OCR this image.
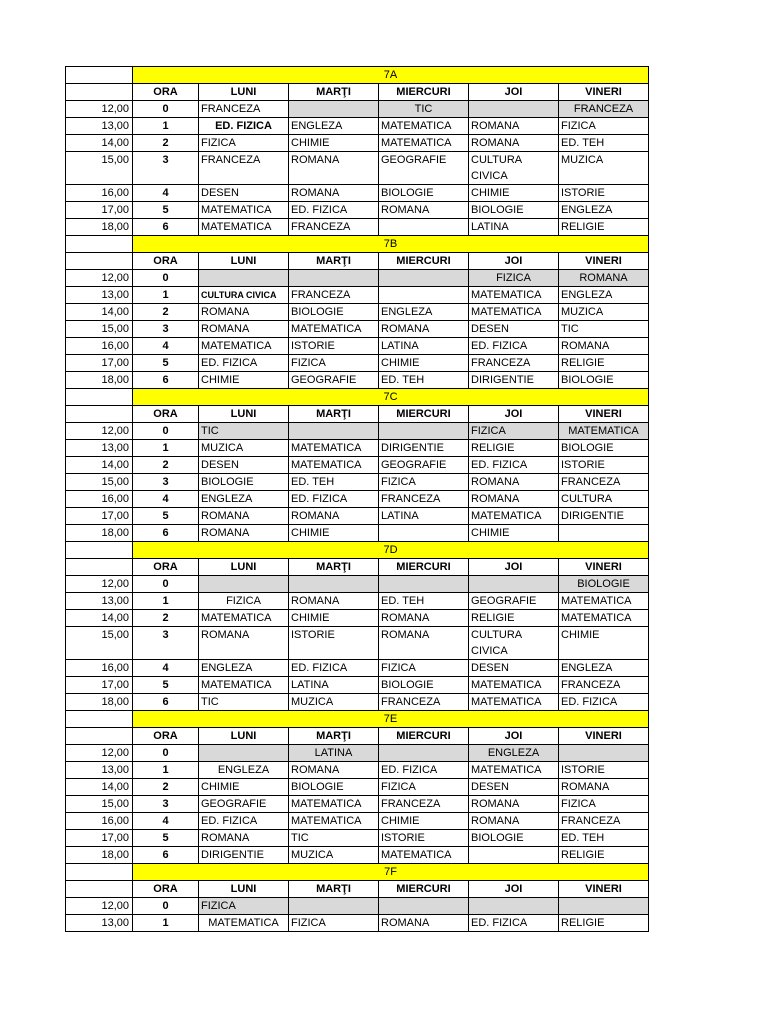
	7A					
	ORA	LUNI	MARŢI	MIERCURI	JOI	VINERI
12,00	0	FRANCEZA		TIC		FRANCEZA
13,00	1	ED. FIZICA	ENGLEZA	MATEMATICA	ROMANA	FIZICA
14,00	2	FIZICA	CHIMIE	MATEMATICA	ROMANA	ED. TEH
15,00	3	FRANCEZA	ROMANA	GEOGRAFIE	CULTURA CIVICA	MUZICA
16,00	4	DESEN	ROMANA	BIOLOGIE	CHIMIE	ISTORIE
17,00	5	MATEMATICA	ED. FIZICA	ROMANA	BIOLOGIE	ENGLEZA
18,00	6	MATEMATICA	FRANCEZA		LATINA	RELIGIE
	7B					
	ORA	LUNI	MARŢI	MIERCURI	JOI	VINERI
12,00	0				FIZICA	ROMANA
13,00	1	CULTURA CIVICA	FRANCEZA		MATEMATICA	ENGLEZA
14,00	2	ROMANA	BIOLOGIE	ENGLEZA	MATEMATICA	MUZICA
15,00	3	ROMANA	MATEMATICA	ROMANA	DESEN	TIC
16,00	4	MATEMATICA	ISTORIE	LATINA	ED. FIZICA	ROMANA
17,00	5	ED. FIZICA	FIZICA	CHIMIE	FRANCEZA	RELIGIE
18,00	6	CHIMIE	GEOGRAFIE	ED. TEH	DIRIGENTIE	BIOLOGIE
	7C					
	ORA	LUNI	MARŢI	MIERCURI	JOI	VINERI
12,00	0	TIC			FIZICA	MATEMATICA
13,00	1	MUZICA	MATEMATICA	DIRIGENTIE	RELIGIE	BIOLOGIE
14,00	2	DESEN	MATEMATICA	GEOGRAFIE	ED. FIZICA	ISTORIE
15,00	3	BIOLOGIE	ED. TEH	FIZICA	ROMANA	FRANCEZA
16,00	4	ENGLEZA	ED. FIZICA	FRANCEZA	ROMANA	CULTURA
17,00	5	ROMANA	ROMANA	LATINA	MATEMATICA	DIRIGENTIE
18,00	6	ROMANA	CHIMIE		CHIMIE	
	7D					
	ORA	LUNI	MARŢI	MIERCURI	JOI	VINERI
12,00	0					BIOLOGIE
13,00	1	FIZICA	ROMANA	ED. TEH	GEOGRAFIE	MATEMATICA
14,00	2	MATEMATICA	CHIMIE	ROMANA	RELIGIE	MATEMATICA
15,00	3	ROMANA	ISTORIE	ROMANA	CULTURA CIVICA	CHIMIE
16,00	4	ENGLEZA	ED. FIZICA	FIZICA	DESEN	ENGLEZA
17,00	5	MATEMATICA	LATINA	BIOLOGIE	MATEMATICA	FRANCEZA
18,00	6	TIC	MUZICA	FRANCEZA	MATEMATICA	ED. FIZICA
	7E					
	ORA	LUNI	MARŢI	MIERCURI	JOI	VINERI
12,00	0		LATINA		ENGLEZA	
13,00	1	ENGLEZA	ROMANA	ED. FIZICA	MATEMATICA	ISTORIE
14,00	2	CHIMIE	BIOLOGIE	FIZICA	DESEN	ROMANA
15,00	3	GEOGRAFIE	MATEMATICA	FRANCEZA	ROMANA	FIZICA
16,00	4	ED. FIZICA	MATEMATICA	CHIMIE	ROMANA	FRANCEZA
17,00	5	ROMANA	TIC	ISTORIE	BIOLOGIE	ED. TEH
18,00	6	DIRIGENTIE	MUZICA	MATEMATICA		RELIGIE
	7F					
	ORA	LUNI	MARŢI	MIERCURI	JOI	VINERI
12,00	0	FIZICA				
13,00	1	MATEMATICA	FIZICA	ROMANA	ED. FIZICA	RELIGIE
